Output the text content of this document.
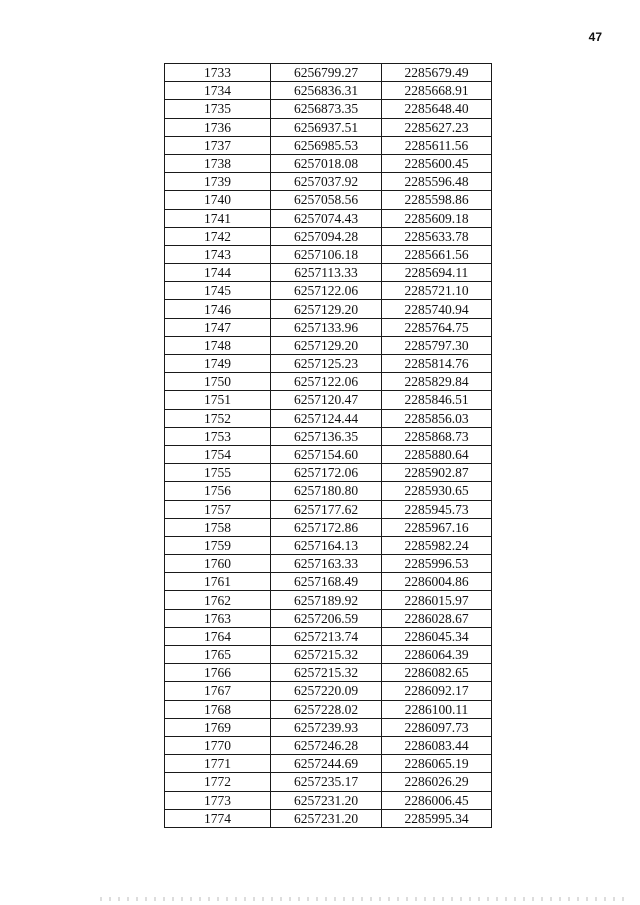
47
1733	6256799.27	2285679.49
1734	6256836.31	2285668.91
1735	6256873.35	2285648.40
1736	6256937.51	2285627.23
1737	6256985.53	2285611.56
1738	6257018.08	2285600.45
1739	6257037.92	2285596.48
1740	6257058.56	2285598.86
1741	6257074.43	2285609.18
1742	6257094.28	2285633.78
1743	6257106.18	2285661.56
1744	6257113.33	2285694.11
1745	6257122.06	2285721.10
1746	6257129.20	2285740.94
1747	6257133.96	2285764.75
1748	6257129.20	2285797.30
1749	6257125.23	2285814.76
1750	6257122.06	2285829.84
1751	6257120.47	2285846.51
1752	6257124.44	2285856.03
1753	6257136.35	2285868.73
1754	6257154.60	2285880.64
1755	6257172.06	2285902.87
1756	6257180.80	2285930.65
1757	6257177.62	2285945.73
1758	6257172.86	2285967.16
1759	6257164.13	2285982.24
1760	6257163.33	2285996.53
1761	6257168.49	2286004.86
1762	6257189.92	2286015.97
1763	6257206.59	2286028.67
1764	6257213.74	2286045.34
1765	6257215.32	2286064.39
1766	6257215.32	2286082.65
1767	6257220.09	2286092.17
1768	6257228.02	2286100.11
1769	6257239.93	2286097.73
1770	6257246.28	2286083.44
1771	6257244.69	2286065.19
1772	6257235.17	2286026.29
1773	6257231.20	2286006.45
1774	6257231.20	2285995.34
